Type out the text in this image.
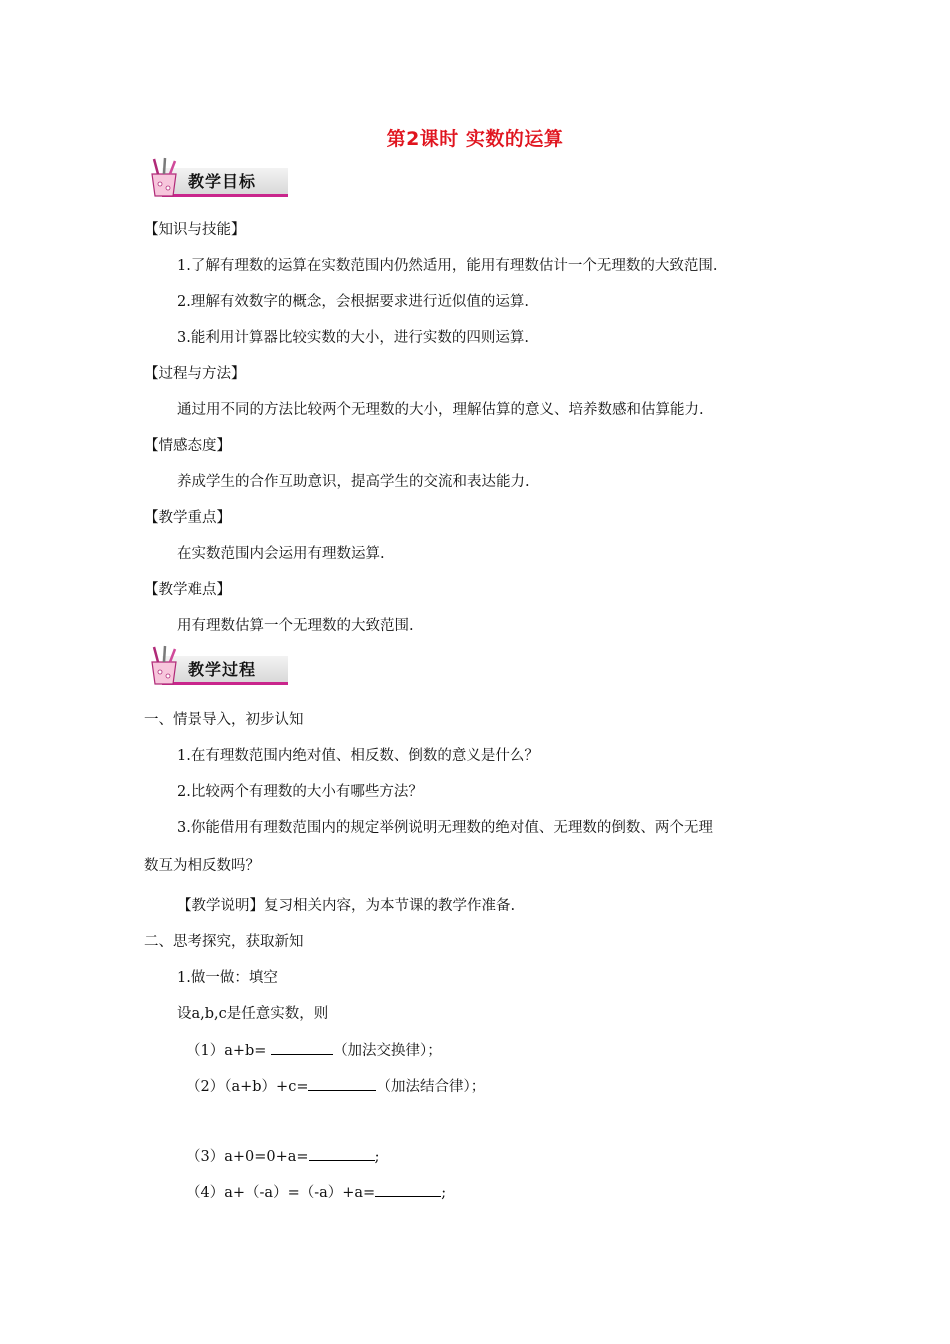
第2课时 实数的运算
教学目标
【知识与技能】
1.了解有理数的运算在实数范围内仍然适用，能用有理数估计一个无理数的大致范围.
2.理解有效数字的概念，会根据要求进行近似值的运算.
3.能利用计算器比较实数的大小，进行实数的四则运算.
【过程与方法】
通过用不同的方法比较两个无理数的大小，理解估算的意义、培养数感和估算能力.
【情感态度】
养成学生的合作互助意识，提高学生的交流和表达能力.
【教学重点】
在实数范围内会运用有理数运算.
【教学难点】
用有理数估算一个无理数的大致范围.
教学过程
一、情景导入，初步认知
1.在有理数范围内绝对值、相反数、倒数的意义是什么？
2.比较两个有理数的大小有哪些方法？
3.你能借用有理数范围内的规定举例说明无理数的绝对值、无理数的倒数、两个无理
数互为相反数吗？
【教学说明】复习相关内容，为本节课的教学作准备.
二、思考探究，获取新知
1.做一做：填空
设a,b,c是任意实数，则
（1）a+b=	（加法交换律）；
（2）（a+b）+c=	（加法结合律）；
（3）a+0=0+a=	;
（4）a+（-a）=（-a）+a=	;
